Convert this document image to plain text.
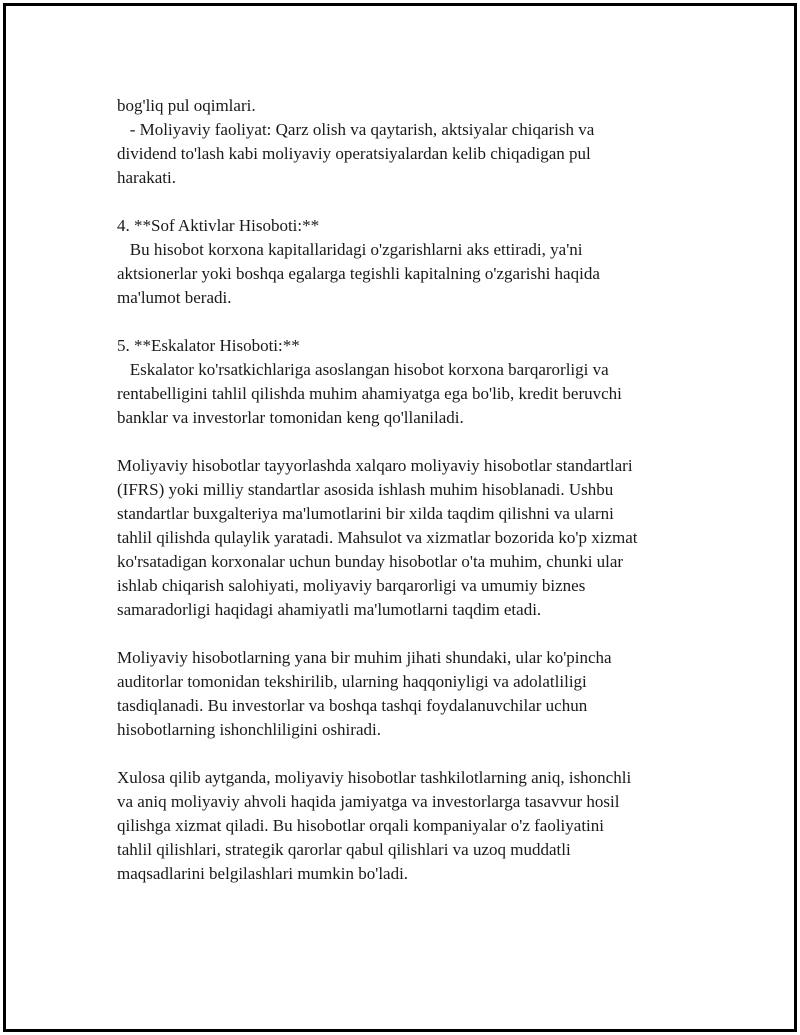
bog'liq pul oqimlari.
- Moliyaviy faoliyat: Qarz olish va qaytarish, aktsiyalar chiqarish va
dividend to'lash kabi moliyaviy operatsiyalardan kelib chiqadigan pul
harakati.
4. **Sof Aktivlar Hisoboti:**
Bu hisobot korxona kapitallaridagi o'zgarishlarni aks ettiradi, ya'ni
aktsionerlar yoki boshqa egalarga tegishli kapitalning o'zgarishi haqida
ma'lumot beradi.
5. **Eskalator Hisoboti:**
Eskalator ko'rsatkichlariga asoslangan hisobot korxona barqarorligi va
rentabelligini tahlil qilishda muhim ahamiyatga ega bo'lib, kredit beruvchi
banklar va investorlar tomonidan keng qo'llaniladi.
Moliyaviy hisobotlar tayyorlashda xalqaro moliyaviy hisobotlar standartlari
(IFRS) yoki milliy standartlar asosida ishlash muhim hisoblanadi. Ushbu
standartlar buxgalteriya ma'lumotlarini bir xilda taqdim qilishni va ularni
tahlil qilishda qulaylik yaratadi. Mahsulot va xizmatlar bozorida ko'p xizmat
ko'rsatadigan korxonalar uchun bunday hisobotlar o'ta muhim, chunki ular
ishlab chiqarish salohiyati, moliyaviy barqarorligi va umumiy biznes
samaradorligi haqidagi ahamiyatli ma'lumotlarni taqdim etadi.
Moliyaviy hisobotlarning yana bir muhim jihati shundaki, ular ko'pincha
auditorlar tomonidan tekshirilib, ularning haqqoniyligi va adolatliligi
tasdiqlanadi. Bu investorlar va boshqa tashqi foydalanuvchilar uchun
hisobotlarning ishonchliligini oshiradi.
Xulosa qilib aytganda, moliyaviy hisobotlar tashkilotlarning aniq, ishonchli
va aniq moliyaviy ahvoli haqida jamiyatga va investorlarga tasavvur hosil
qilishga xizmat qiladi. Bu hisobotlar orqali kompaniyalar o'z faoliyatini
tahlil qilishlari, strategik qarorlar qabul qilishlari va uzoq muddatli
maqsadlarini belgilashlari mumkin bo'ladi.
